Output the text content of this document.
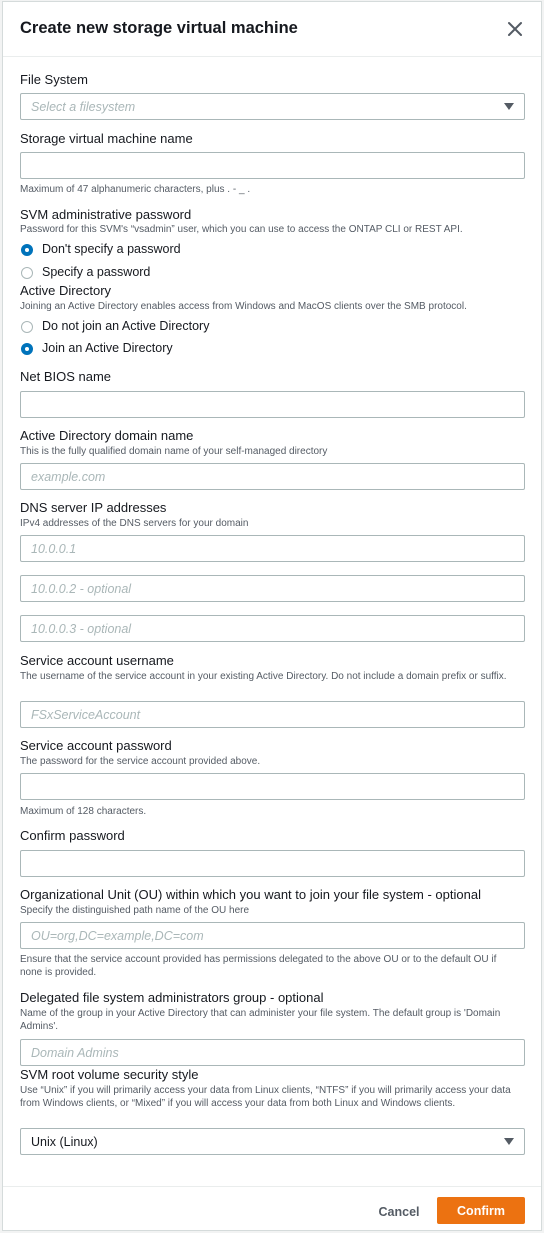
Create new storage virtual machine
File System
Select a filesystem
Storage virtual machine name
Maximum of 47 alphanumeric characters, plus . - _ .
SVM administrative password
Password for this SVM's “vsadmin” user, which you can use to access the ONTAP CLI or REST API.
Don't specify a password
Specify a password
Active Directory
Joining an Active Directory enables access from Windows and MacOS clients over the SMB protocol.
Do not join an Active Directory
Join an Active Directory
Net BIOS name
Active Directory domain name
This is the fully qualified domain name of your self-managed directory
example.com
DNS server IP addresses
IPv4 addresses of the DNS servers for your domain
10.0.0.1
10.0.0.2 - optional
10.0.0.3 - optional
Service account username
The username of the service account in your existing Active Directory. Do not include a domain prefix or suffix.
FSxServiceAccount
Service account password
The password for the service account provided above.
Maximum of 128 characters.
Confirm password
Organizational Unit (OU) within which you want to join your file system - optional
Specify the distinguished path name of the OU here
OU=org,DC=example,DC=com
Ensure that the service account provided has permissions delegated to the above OU or to the default OU if none is provided.
Delegated file system administrators group - optional
Name of the group in your Active Directory that can administer your file system. The default group is 'Domain Admins'.
Domain Admins
SVM root volume security style
Use “Unix” if you will primarily access your data from Linux clients, “NTFS” if you will primarily access your data from Windows clients, or “Mixed” if you will access your data from both Linux and Windows clients.
Unix (Linux)
Cancel	Confirm
